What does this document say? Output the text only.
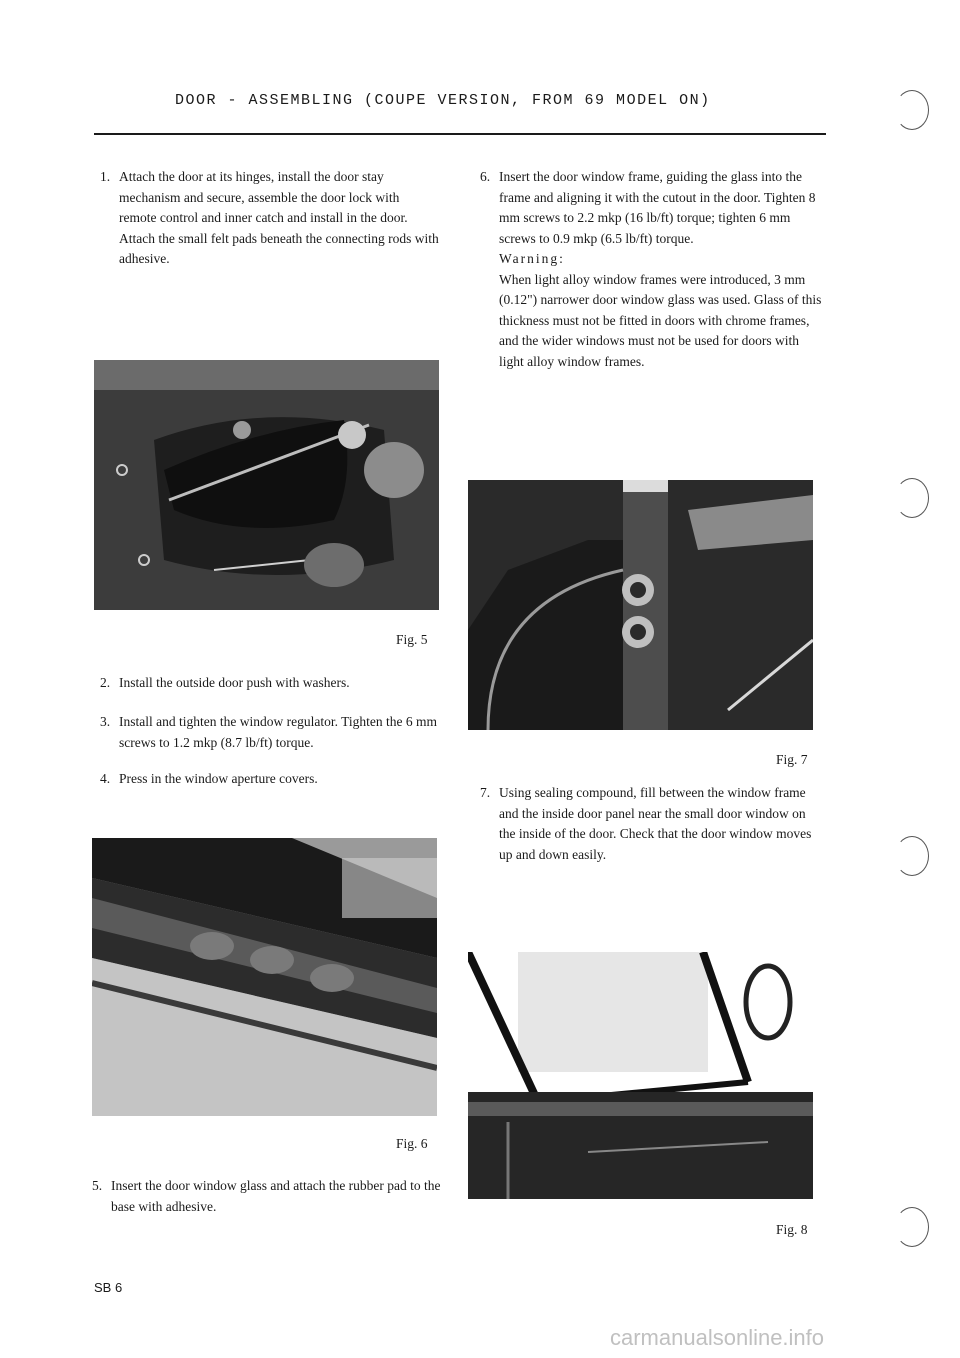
DOOR - ASSEMBLING (COUPE VERSION, FROM 69 MODEL ON)
1. Attach the door at its hinges, install the door stay mechanism and secure, assemble the door lock with remote control and inner catch and install in the door. Attach the small felt pads beneath the connecting rods with adhesive.
Fig. 5
2. Install the outside door push with washers.
3. Install and tighten the window regulator. Tighten the 6 mm screws to 1.2 mkp (8.7 lb/ft) torque.
4. Press in the window aperture covers.
Fig. 6
5. Insert the door window glass and attach the rubber pad to the base with adhesive.
6. Insert the door window frame, guiding the glass into the frame and aligning it with the cutout in the door. Tighten 8 mm screws to 2.2 mkp (16 lb/ft) torque; tighten 6 mm screws to 0.9 mkp (6.5 lb/ft) torque.
Warning:
When light alloy window frames were introduced, 3 mm (0.12") narrower door window glass was used. Glass of this thickness must not be fitted in doors with chrome frames, and the wider windows must not be used for doors with light alloy window frames.
Fig. 7
7. Using sealing compound, fill between the window frame and the inside door panel near the small door window on the inside of the door. Check that the door window moves up and down easily.
Fig. 8
SB 6
carmanualsonline.info
